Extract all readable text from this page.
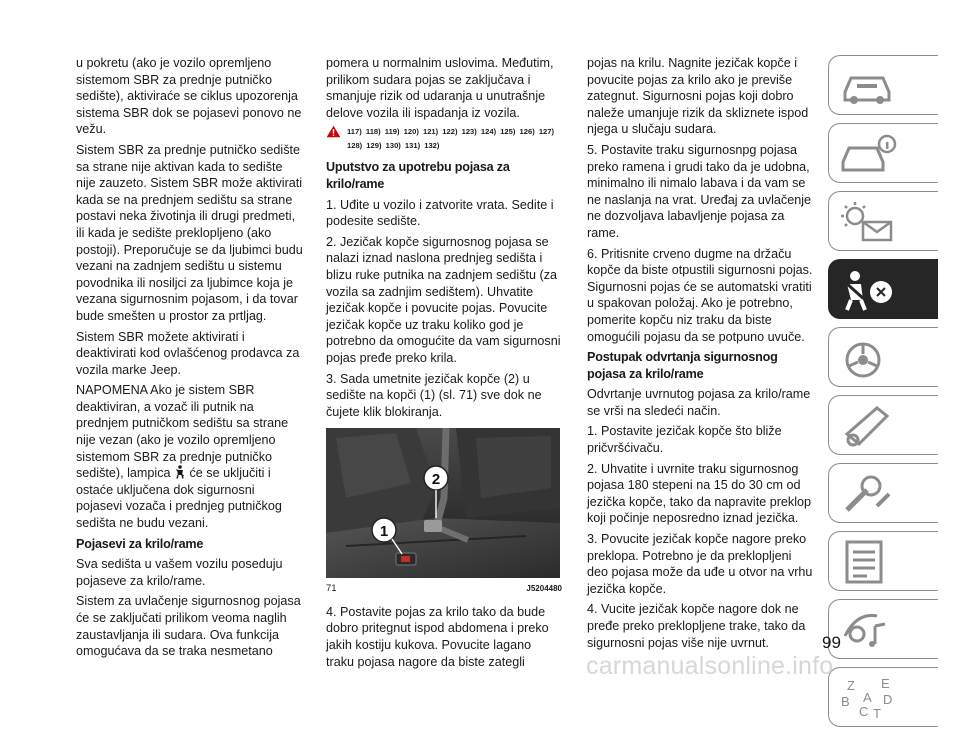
u pokretu (ako je vozilo opremljeno sistemom SBR za prednje putničko sedište), aktiviraće se ciklus upozorenja sistema SBR dok se pojasevi ponovo ne vežu.

Sistem SBR za prednje putničko sedište sa strane nije aktivan kada to sedište nije zauzeto. Sistem SBR može aktivirati kada se na prednjem sedištu sa strane postavi neka životinja ili drugi predmeti, ili kada je sedište preklopljeno (ako postoji). Preporučuje se da ljubimci budu vezani na zadnjem sedištu u sistemu povodnika ili nosiljci za ljubimce koja je vezana sigurnosnim pojasom, i da tovar bude smešten u prostor za prtljag.

Sistem SBR možete aktivirati i deaktivirati kod ovlašćenog prodavca za vozila marke Jeep.

NAPOMENA Ako je sistem SBR deaktiviran, a vozač ili putnik na prednjem putničkom sedištu sa strane nije vezan (ako je vozilo opremljeno sistemom SBR za prednje putničko sedište), lampica će se uključiti i ostaće uključena dok sigurnosni pojasevi vozača i prednjeg putničkog sedišta ne budu vezani.

Pojasevi za krilo/rame

Sva sedišta u vašem vozilu poseduju pojaseve za krilo/rame.

Sistem za uvlačenje sigurnosnog pojasa će se zaključati prilikom veoma naglih zaustavljanja ili sudara. Ova funkcija omogućava da se traka nesmetano

pomera u normalnim uslovima. Međutim, prilikom sudara pojas se zaključava i smanjuje rizik od udaranja u unutrašnje delove vozila ili ispadanja iz vozila.

117) 118) 119) 120) 121) 122) 123) 124) 125) 126) 127) 128) 129) 130) 131) 132)
Uputstvo za upotrebu pojasa za krilo/rame

1. Uđite u vozilo i zatvorite vrata. Sedite i podesite sedište.

2. Jezičak kopče sigurnosnog pojasa se nalazi iznad naslona prednjeg sedišta i blizu ruke putnika na zadnjem sedištu (za vozila sa zadnjim sedištem). Uhvatite jezičak kopče i povucite pojas. Povucite jezičak kopče uz traku koliko god je potrebno da omogućite da vam sigurnosni pojas pređe preko krila.

3. Sada umetnite jezičak kopče (2) u sedište na kopči (1) (sl. 71) sve dok ne čujete klik blokiranja.

2
1
71	J5204480

4. Postavite pojas za krilo tako da bude dobro pritegnut ispod abdomena i preko jakih kostiju kukova. Povucite lagano traku pojasa nagore da biste zategli

pojas na krilu. Nagnite jezičak kopče i povucite pojas za krilo ako je previše zategnut. Sigurnosni pojas koji dobro naleže umanjuje rizik da skliznete ispod njega u slučaju sudara.

5. Postavite traku sigurnosnpg pojasa preko ramena i grudi tako da je udobna, minimalno ili nimalo labava i da vam se ne naslanja na vrat. Uređaj za uvlačenje ne dozvoljava labavljenje pojasa za rame.

6. Pritisnite crveno dugme na držaču kopče da biste otpustili sigurnosni pojas. Sigurnosni pojas će se automatski vratiti u spakovan položaj. Ako je potrebno, pomerite kopču niz traku da biste omogućili pojasu da se potpuno uvuče.

Postupak odvrtanja sigurnosnog pojasa za krilo/rame

Odvrtanje uvrnutog pojasa za krilo/rame se vrši na sledeći način.

1. Postavite jezičak kopče što bliže pričvršćivaču.

2. Uhvatite i uvrnite traku sigurnosnog pojasa 180 stepeni na 15 do 30 cm od jezička kopče, tako da napravite preklop koji počinje neposredno iznad jezička.

3. Povucite jezičak kopče nagore preko preklopa. Potrebno je da preklopljeni deo pojasa može da uđe u otvor na vrhu jezička kopče.

4. Vucite jezičak kopče nagore dok ne pređe preko preklopljene trake, tako da sigurnosni pojas više nije uvrnut.

Z E
B
C
A
T
D
99
carmanualsonline.info
